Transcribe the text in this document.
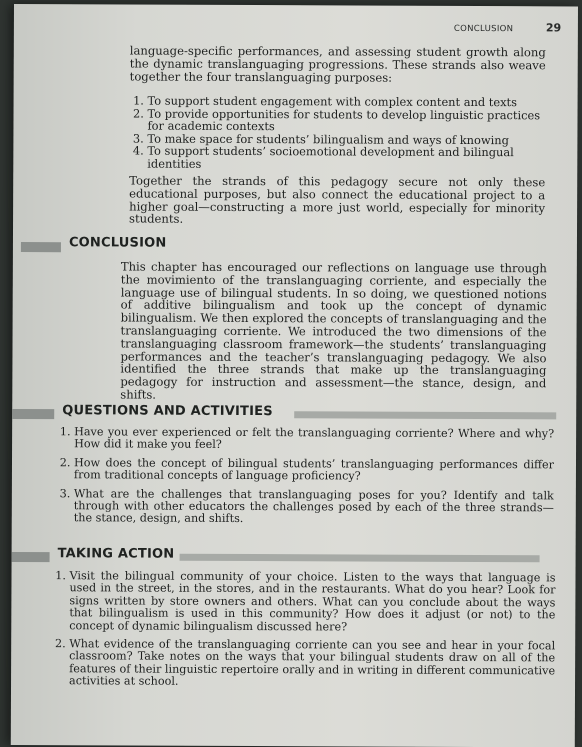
CONCLUSION	29

language-specific performances, and assessing student growth along the dynamic translanguaging progressions. These strands also weave together the four translanguaging purposes:

1. To support student engagement with complex content and texts
2. To provide opportunities for students to develop linguistic practices for academic contexts
3. To make space for students’ bilingualism and ways of knowing
4. To support students’ socioemotional development and bilingual identities

Together the strands of this pedagogy secure not only these educational purposes, but also connect the educational project to a higher goal—constructing a more just world, especially for minority students.

CONCLUSION

This chapter has encouraged our reflections on language use through the movimiento of the translanguaging corriente, and especially the language use of bilingual students. In so doing, we questioned notions of additive bilingualism and took up the concept of dynamic bilingualism. We then explored the concepts of translanguaging and the translanguaging corriente. We introduced the two dimensions of the translanguaging classroom framework—the students’ translanguaging performances and the teacher’s translanguaging pedagogy. We also identified the three strands that make up the translanguaging pedagogy for instruction and assessment—the stance, design, and shifts.

QUESTIONS AND ACTIVITIES
1. Have you ever experienced or felt the translanguaging corriente? Where and why? How did it make you feel?
2. How does the concept of bilingual students’ translanguaging performances differ from traditional concepts of language proficiency?
3. What are the challenges that translanguaging poses for you? Identify and talk through with other educators the challenges posed by each of the three strands—the stance, design, and shifts.
TAKING ACTION
1. Visit the bilingual community of your choice. Listen to the ways that language is used in the street, in the stores, and in the restaurants. What do you hear? Look for signs written by store owners and others. What can you conclude about the ways that bilingualism is used in this community? How does it adjust (or not) to the concept of dynamic bilingualism discussed here?
2. What evidence of the translanguaging corriente can you see and hear in your focal classroom? Take notes on the ways that your bilingual students draw on all of the features of their linguistic repertoire orally and in writing in different communicative activities at school.
